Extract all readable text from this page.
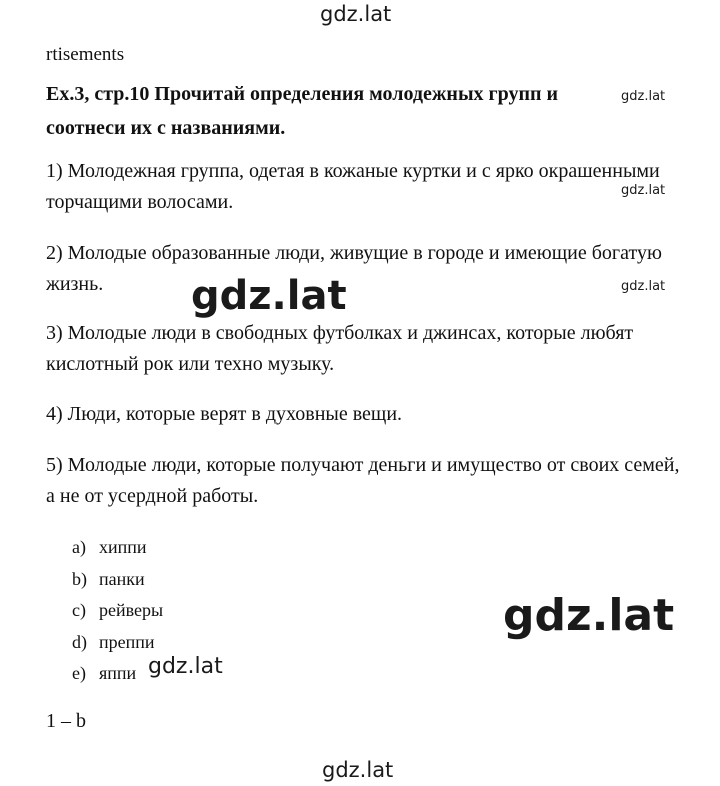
gdz.lat
gdz.lat
gdz.lat
gdz.lat
rtisements

Ex.3, стр.10 Прочитай определения молодежных групп и соотнеси их с названиями.

1) Молодежная группа, одетая в кожаные куртки и с ярко окрашенными торчащими волосами.

2) Молодые образованные люди, живущие в городе и имеющие богатую жизнь.

3) Молодые люди в свободных футболках и джинсах, которые любят кислотный рок или техно музыку.

4) Люди, которые верят в духовные вещи.

5) Молодые люди, которые получают деньги и имущество от своих семей, а не от усердной работы.

a) хиппи
b) панки
c) рейверы
d) преппи
e) яппи
1 – b
gdz.lat
gdz.lat
gdz.lat
gdz.lat
